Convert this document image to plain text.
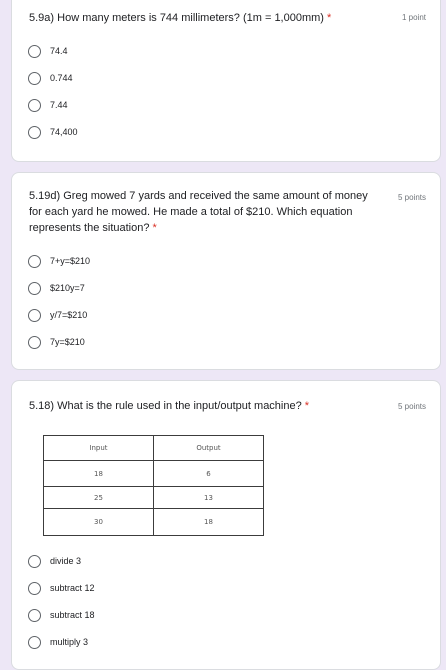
5.9a) How many meters is 744 millimeters? (1m = 1,000mm) *	1 point
74.4
0.744
7.44
74,400
5.19d) Greg mowed 7 yards and received the same amount of money for each yard he mowed. He made a total of $210. Which equation represents the situation? *
5 points
7+y=$210
$210y=7
y/7=$210
7y=$210
5.18) What is the rule used in the input/output machine? *	5 points
Input	Output
18	6
25	13
30	18
divide 3
subtract 12
subtract 18
multiply 3
